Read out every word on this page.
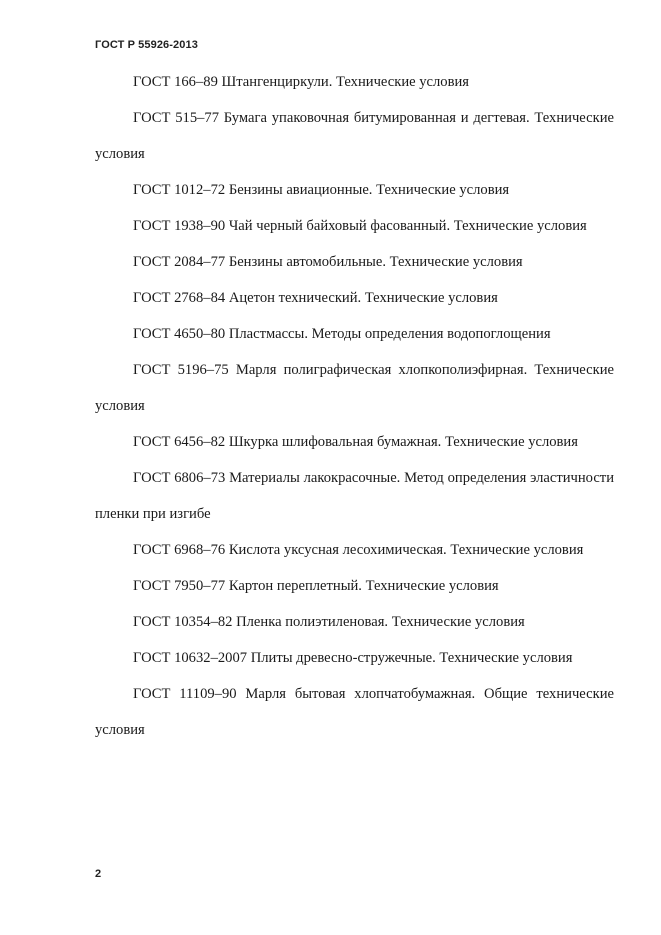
ГОСТ Р 55926-2013
ГОСТ 166–89 Штангенциркули. Технические условия
ГОСТ 515–77 Бумага упаковочная битумированная и дегтевая. Технические условия
ГОСТ 1012–72 Бензины авиационные. Технические условия
ГОСТ 1938–90 Чай черный байховый фасованный. Технические условия
ГОСТ 2084–77 Бензины автомобильные. Технические условия
ГОСТ 2768–84 Ацетон технический. Технические условия
ГОСТ 4650–80 Пластмассы. Методы определения водопоглощения
ГОСТ 5196–75 Марля полиграфическая хлопкополиэфирная. Технические условия
ГОСТ 6456–82 Шкурка шлифовальная бумажная. Технические условия
ГОСТ 6806–73 Материалы лакокрасочные. Метод определения эластичности пленки при изгибе
ГОСТ 6968–76 Кислота уксусная лесохимическая. Технические условия
ГОСТ 7950–77 Картон переплетный. Технические условия
ГОСТ 10354–82 Пленка полиэтиленовая. Технические условия
ГОСТ 10632–2007 Плиты древесно-стружечные. Технические условия
ГОСТ 11109–90 Марля бытовая хлопчатобумажная. Общие технические условия
2
